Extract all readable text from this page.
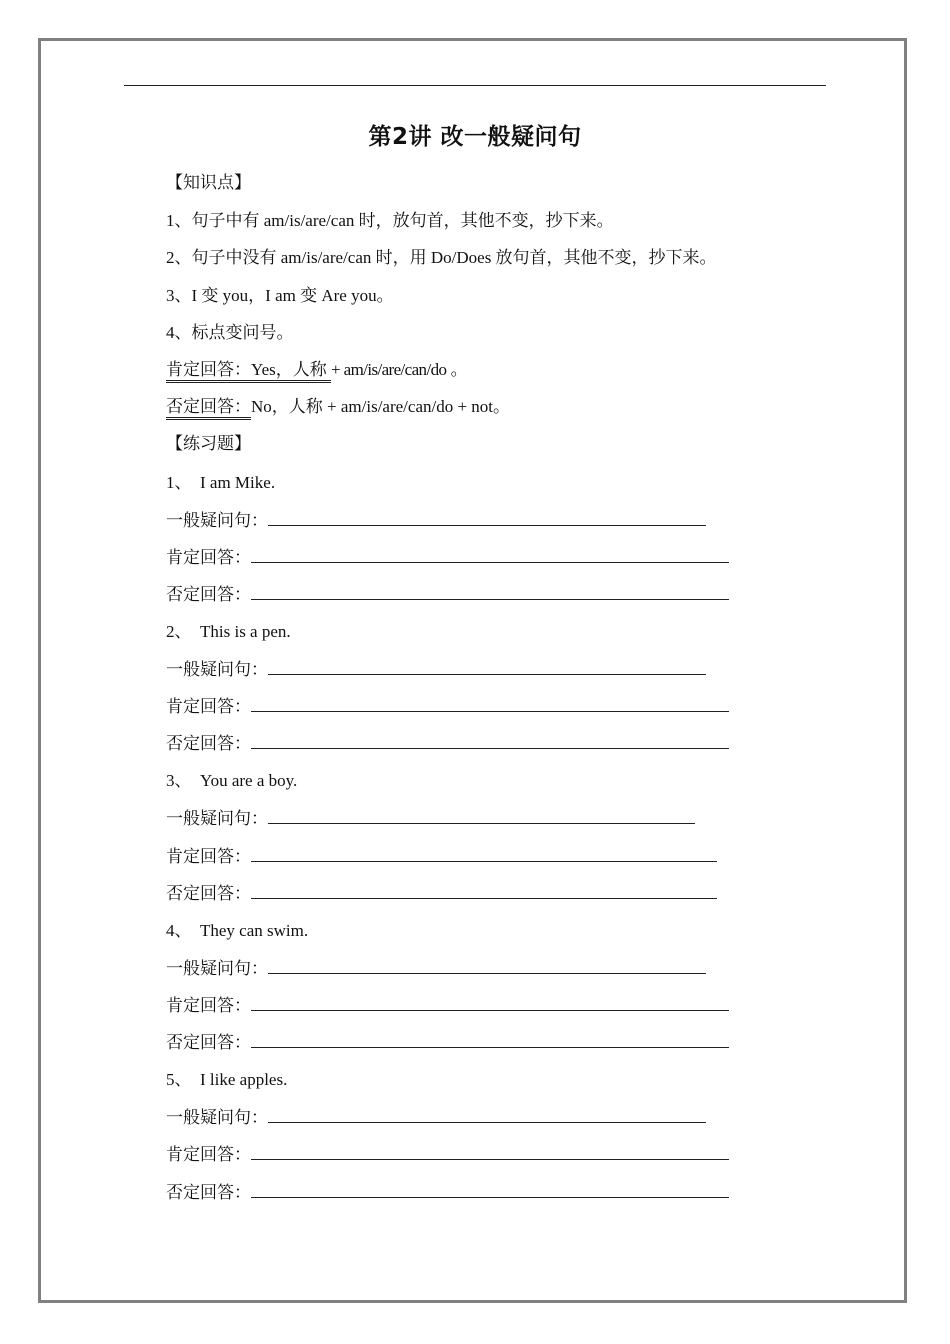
第2讲 改一般疑问句
【知识点】
1、句子中有 am/is/are/can 时，放句首，其他不变，抄下来。
2、句子中没有 am/is/are/can 时，用 Do/Does 放句首，其他不变，抄下来。
3、I 变 you，I am 变 Are you。
4、标点变问号。
肯定回答：Yes，人称 + am/is/are/can/do 。
否定回答：No，人称 + am/is/are/can/do + not。
【练习题】
1、 I am Mike.
一般疑问句：
肯定回答：
否定回答：
2、 This is a pen.
一般疑问句：
肯定回答：
否定回答：
3、 You are a boy.
一般疑问句：
肯定回答：
否定回答：
4、 They can swim.
一般疑问句：
肯定回答：
否定回答：
5、 I like apples.
一般疑问句：
肯定回答：
否定回答：
